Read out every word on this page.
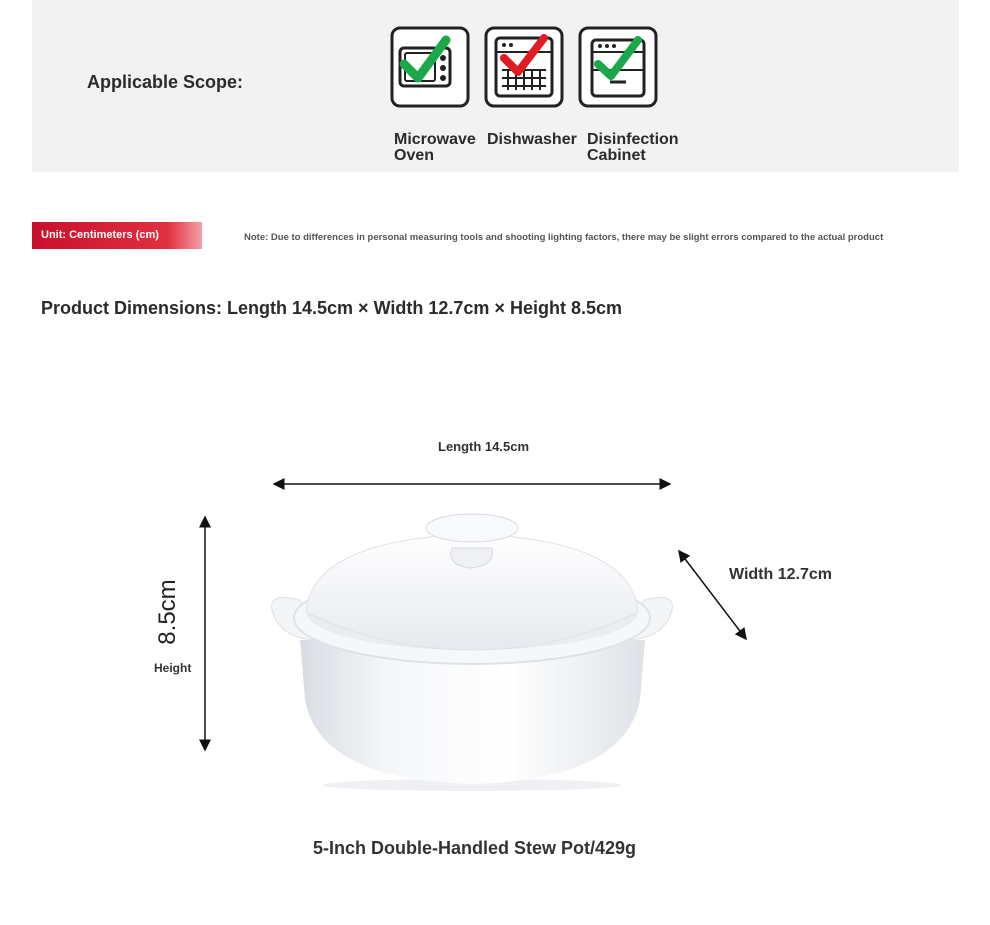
Applicable Scope:
Microwave
Oven
Dishwasher Disinfection
Cabinet
Unit: Centimeters (cm)	Note: Due to differences in personal measuring tools and shooting lighting factors, there may be slight errors compared to the actual product
Product Dimensions: Length 14.5cm × Width 12.7cm × Height 8.5cm
Length 14.5cm
Width 12.7cm
8.5cm
Height
5-Inch Double-Handled Stew Pot/429g
